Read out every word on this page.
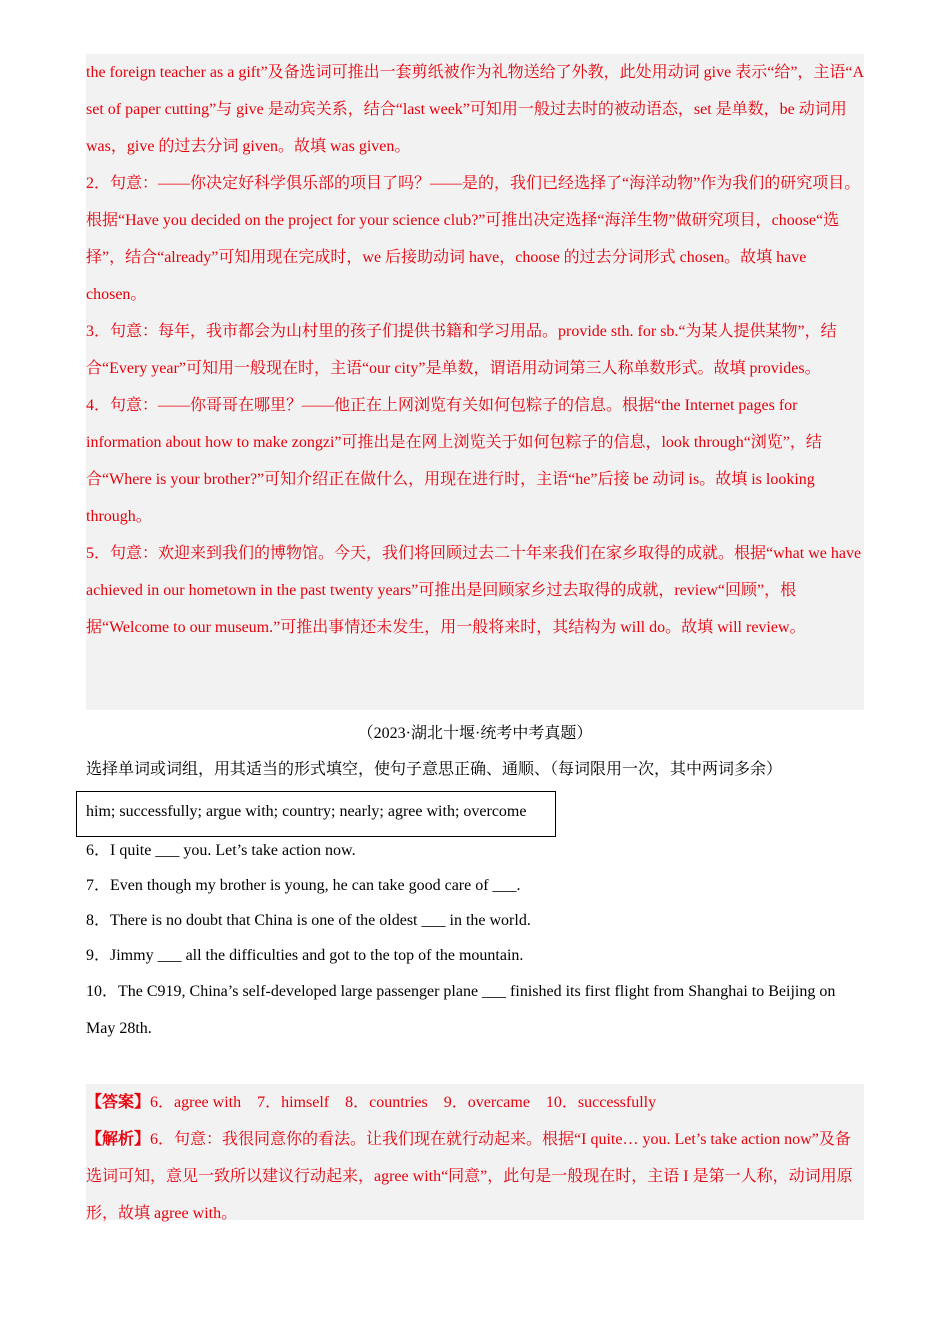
the foreign teacher as a gift”及备选词可推出一套剪纸被作为礼物送给了外教，此处用动词 give 表示“给”，主语“A set of paper cutting”与 give 是动宾关系，结合“last week”可知用一般过去时的被动语态，set 是单数，be 动词用 was，give 的过去分词 given。故填 was given。

2．句意：——你决定好科学俱乐部的项目了吗？——是的，我们已经选择了“海洋动物”作为我们的研究项目。根据“Have you decided on the project for your science club?”可推出决定选择“海洋生物”做研究项目，choose“选择”，结合“already”可知用现在完成时，we 后接助动词 have，choose 的过去分词形式 chosen。故填 have chosen。

3．句意：每年，我市都会为山村里的孩子们提供书籍和学习用品。provide sth. for sb.“为某人提供某物”，结合“Every year”可知用一般现在时，主语“our city”是单数，谓语用动词第三人称单数形式。故填 provides。

4．句意：——你哥哥在哪里？——他正在上网浏览有关如何包粽子的信息。根据“the Internet pages for information about how to make zongzi”可推出是在网上浏览关于如何包粽子的信息，look through“浏览”，结合“Where is your brother?”可知介绍正在做什么，用现在进行时，主语“he”后接 be 动词 is。故填 is looking through。

5．句意：欢迎来到我们的博物馆。今天，我们将回顾过去二十年来我们在家乡取得的成就。根据“what we have achieved in our hometown in the past twenty years”可推出是回顾家乡过去取得的成就，review“回顾”，根据“Welcome to our museum.”可推出事情还未发生，用一般将来时，其结构为 will do。故填 will review。

（2023·湖北十堰·统考中考真题）
选择单词或词组，用其适当的形式填空，使句子意思正确、通顺、（每词限用一次，其中两词多余）
him; successfully; argue with; country; nearly; agree with; overcome

6．I quite ___ you. Let’s take action now.

7．Even though my brother is young, he can take good care of ___.

8．There is no doubt that China is one of the oldest ___ in the world.

9．Jimmy ___ all the difficulties and got to the top of the mountain.

10．The C919, China’s self-developed large passenger plane ___ finished its first flight from Shanghai to Beijing on May 28th.

【答案】6．agree with　7．himself　8．countries　9．overcame　10．successfully

【解析】6．句意：我很同意你的看法。让我们现在就行动起来。根据“I quite… you. Let’s take action now”及备选词可知，意见一致所以建议行动起来，agree with“同意”，此句是一般现在时，主语 I 是第一人称，动词用原形，故填 agree with。
